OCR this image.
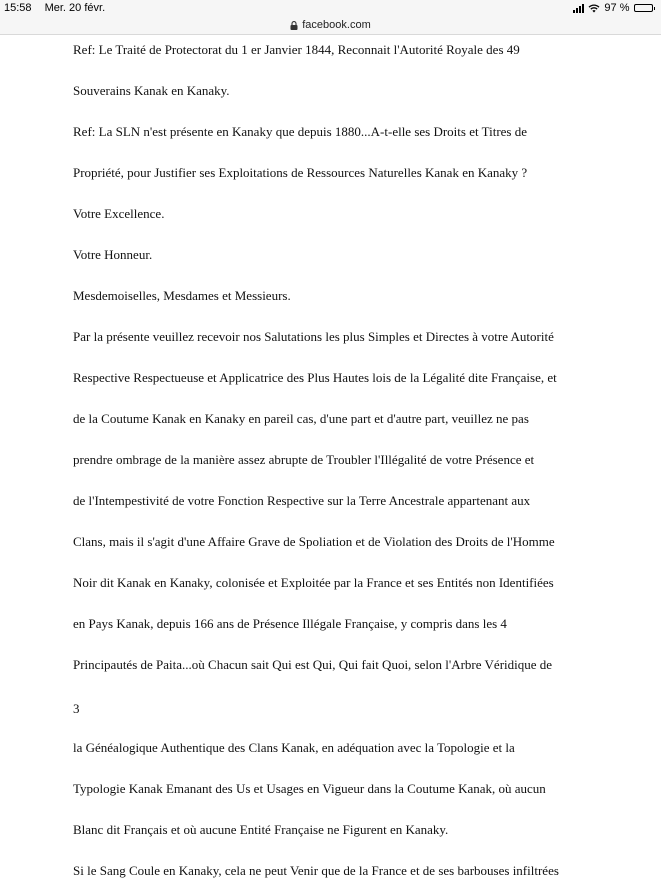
15:58 Mer. 20 févr.	97 %
facebook.com
Ref: Le Traité de Protectorat du 1 er Janvier 1844, Reconnait l'Autorité Royale des 49
Souverains Kanak en Kanaky.
Ref: La SLN n'est présente en Kanaky que depuis 1880...A-t-elle ses Droits et Titres de
Propriété, pour Justifier ses Exploitations de Ressources Naturelles Kanak en Kanaky ?
Votre Excellence.
Votre Honneur.
Mesdemoiselles, Mesdames et Messieurs.
Par la présente veuillez recevoir nos Salutations les plus Simples et Directes à votre Autorité
Respective Respectueuse et Applicatrice des Plus Hautes lois de la Légalité dite Française, et
de la Coutume Kanak en Kanaky en pareil cas, d'une part et d'autre part, veuillez ne pas
prendre ombrage de la manière assez abrupte de Troubler l'Illégalité de votre Présence et
de l'Intempestivité de votre Fonction Respective sur la Terre Ancestrale appartenant aux
Clans, mais il s'agit d'une Affaire Grave de Spoliation et de Violation des Droits de l'Homme
Noir dit Kanak en Kanaky, colonisée et Exploitée par la France et ses Entités non Identifiées
en Pays Kanak, depuis 166 ans de Présence Illégale Française, y compris dans les 4
Principautés de Paita...où Chacun sait Qui est Qui, Qui fait Quoi, selon l'Arbre Véridique de
3
la Généalogique Authentique des Clans Kanak, en adéquation avec la Topologie et la
Typologie Kanak Emanant des Us et Usages en Vigueur dans la Coutume Kanak, où aucun
Blanc dit Français et où aucune Entité Française ne Figurent en Kanaky.
Si le Sang Coule en Kanaky, cela ne peut Venir que de la France et de ses barbouses infiltrées
